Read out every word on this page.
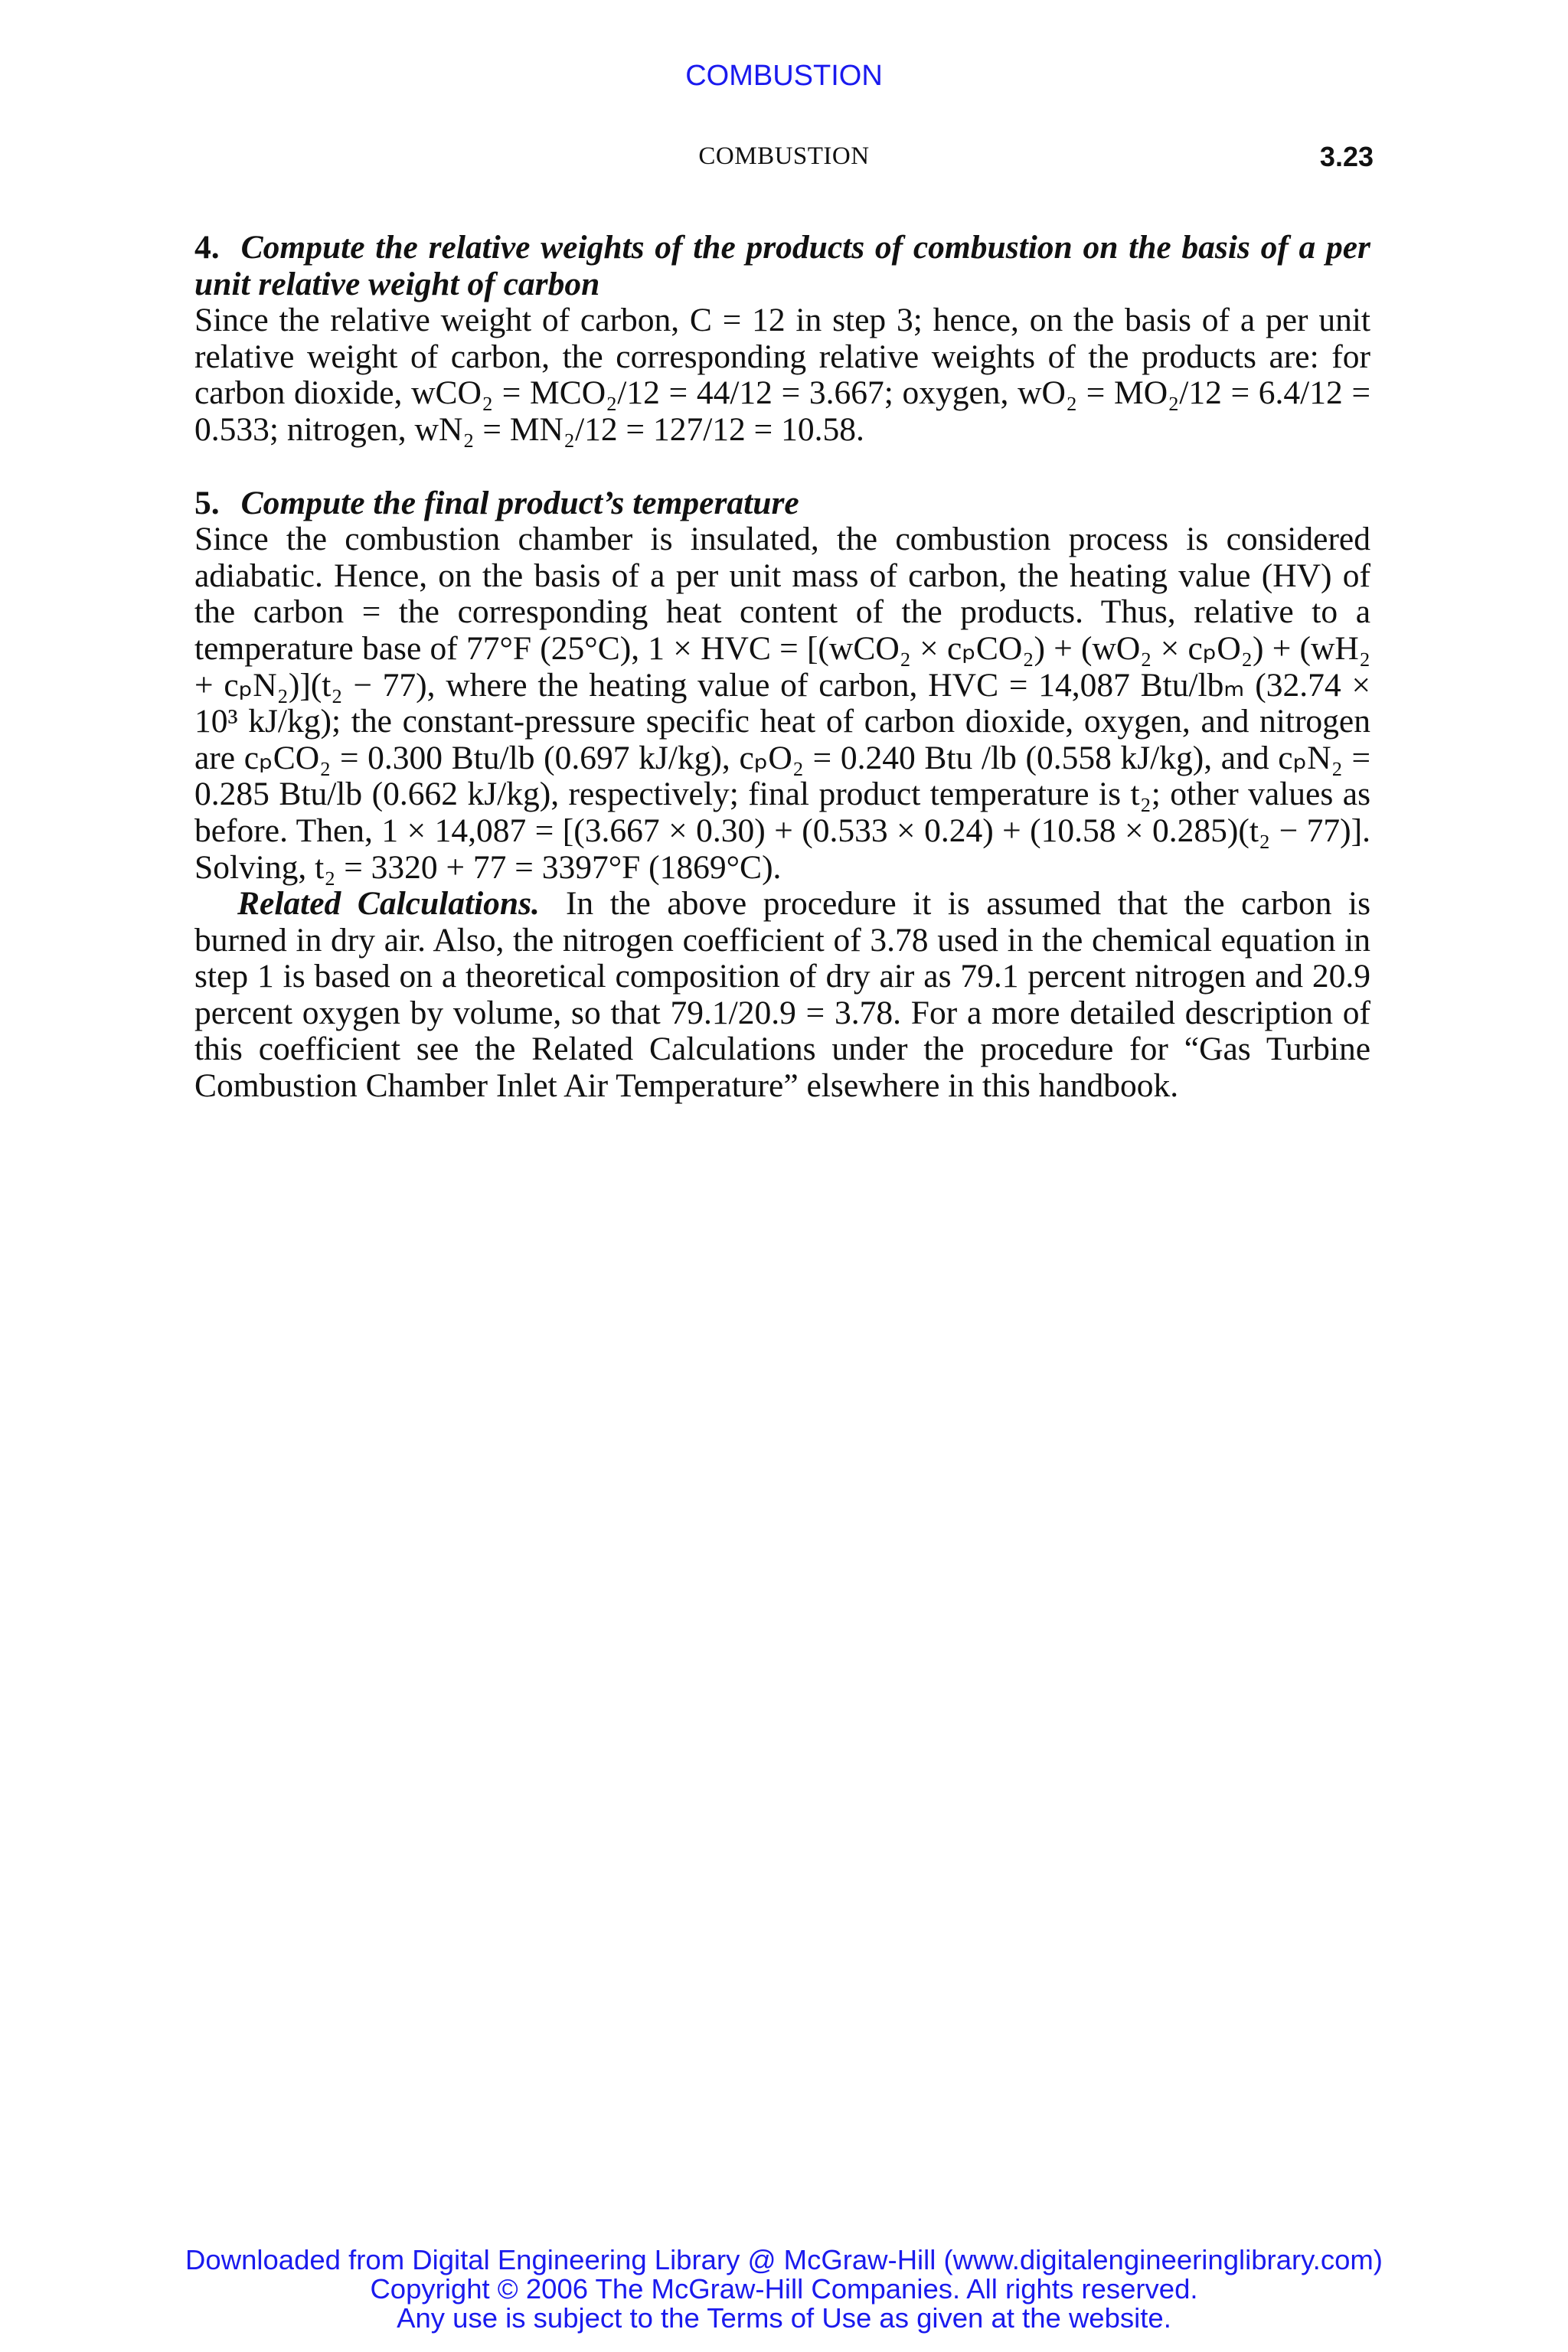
COMBUSTION
COMBUSTION	3.23

4. Compute the relative weights of the products of combustion on the basis of a per unit relative weight of carbon

Since the relative weight of carbon, C = 12 in step 3; hence, on the basis of a per unit relative weight of carbon, the corresponding relative weights of the products are: for carbon dioxide, wCO₂ = MCO₂/12 = 44/12 = 3.667; oxygen, wO₂ = MO₂/12 = 6.4/12 = 0.533; nitrogen, wN₂ = MN₂/12 = 127/12 = 10.58.

5. Compute the final product’s temperature

Since the combustion chamber is insulated, the combustion process is considered adiabatic. Hence, on the basis of a per unit mass of carbon, the heating value (HV) of the carbon = the corresponding heat content of the products. Thus, relative to a temperature base of 77°F (25°C), 1 × HVC = [(wCO₂ × cₚCO₂) + (wO₂ × cₚO₂) + (wH₂ + cₚN₂)](t₂ − 77), where the heating value of carbon, HVC = 14,087 Btu/lbₘ (32.74 × 10³ kJ/kg); the constant-pressure specific heat of carbon dioxide, oxygen, and nitrogen are cₚCO₂ = 0.300 Btu/lb (0.697 kJ/kg), cₚO₂ = 0.240 Btu /lb (0.558 kJ/kg), and cₚN₂ = 0.285 Btu/lb (0.662 kJ/kg), respectively; final product temperature is t₂; other values as before. Then, 1 × 14,087 = [(3.667 × 0.30) + (0.533 × 0.24) + (10.58 × 0.285)(t₂ − 77)]. Solving, t₂ = 3320 + 77 = 3397°F (1869°C).

Related Calculations. In the above procedure it is assumed that the carbon is burned in dry air. Also, the nitrogen coefficient of 3.78 used in the chemical equation in step 1 is based on a theoretical composition of dry air as 79.1 percent nitrogen and 20.9 percent oxygen by volume, so that 79.1/20.9 = 3.78. For a more detailed description of this coefficient see the Related Calculations under the procedure for “Gas Turbine Combustion Chamber Inlet Air Temperature” elsewhere in this handbook.

Downloaded from Digital Engineering Library @ McGraw-Hill (www.digitalengineeringlibrary.com)
Copyright © 2006 The McGraw-Hill Companies. All rights reserved.
Any use is subject to the Terms of Use as given at the website.
